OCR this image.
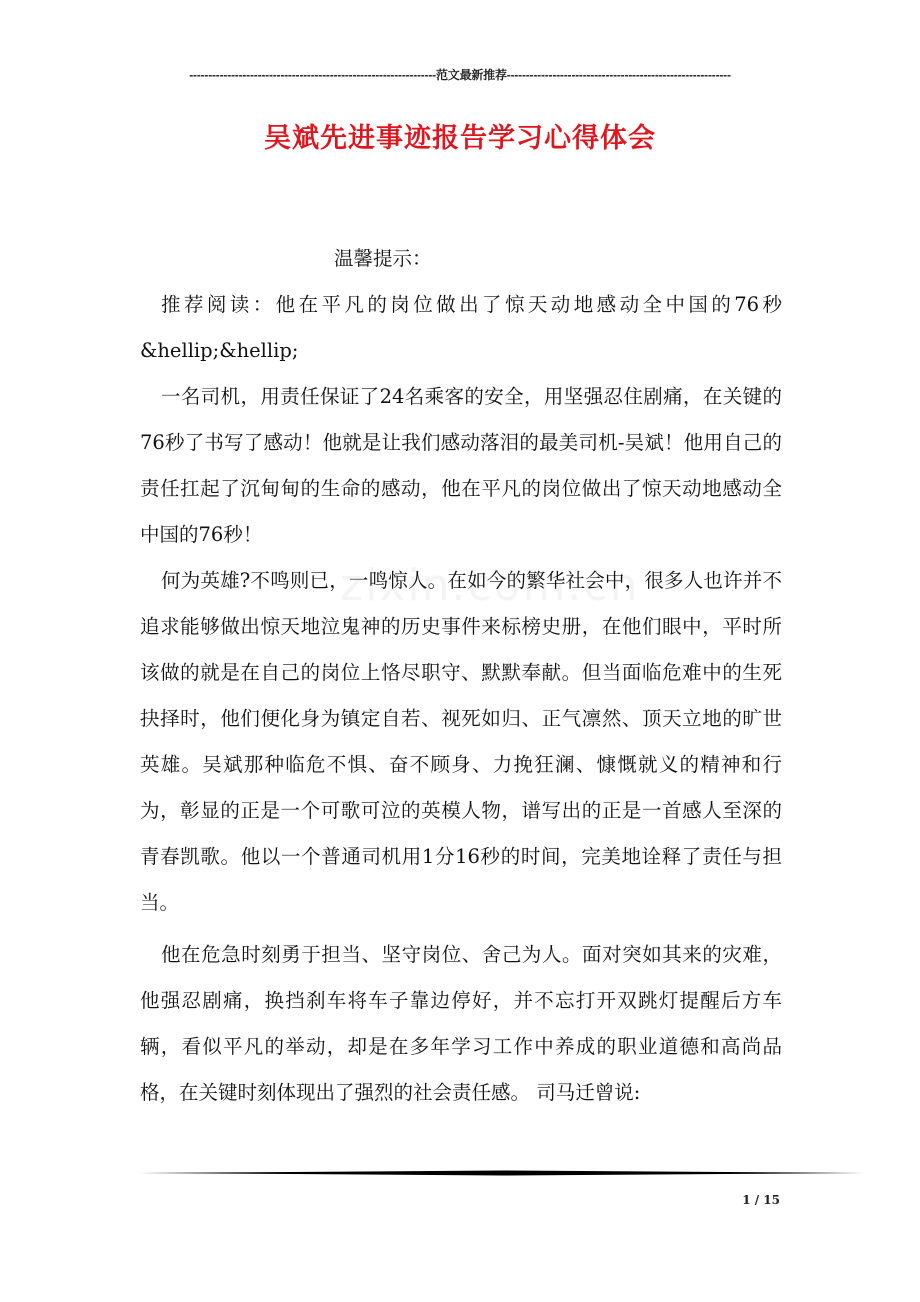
-----------------------------------------------------------------范文最新推荐-----------------------------------------------------------
吴斌先进事迹报告学习心得体会

温馨提示：

推荐阅读：他在平凡的岗位做出了惊天动地感动全中国的76秒&hellip;&hellip;

一名司机，用责任保证了24名乘客的安全，用坚强忍住剧痛，在关键的76秒了书写了感动！他就是让我们感动落泪的最美司机-吴斌！他用自己的责任扛起了沉甸甸的生命的感动，他在平凡的岗位做出了惊天动地感动全中国的76秒！

何为英雄?不鸣则已，一鸣惊人。在如今的繁华社会中，很多人也许并不追求能够做出惊天地泣鬼神的历史事件来标榜史册，在他们眼中，平时所该做的就是在自己的岗位上恪尽职守、默默奉献。但当面临危难中的生死抉择时，他们便化身为镇定自若、视死如归、正气凛然、顶天立地的旷世英雄。吴斌那种临危不惧、奋不顾身、力挽狂澜、慷慨就义的精神和行为，彰显的正是一个可歌可泣的英模人物，谱写出的正是一首感人至深的青春凯歌。他以一个普通司机用1分16秒的时间，完美地诠释了责任与担当。

他在危急时刻勇于担当、坚守岗位、舍己为人。面对突如其来的灾难，他强忍剧痛，换挡刹车将车子靠边停好，并不忘打开双跳灯提醒后方车辆，看似平凡的举动，却是在多年学习工作中养成的职业道德和高尚品格，在关键时刻体现出了强烈的社会责任感。 司马迁曾说:

1 / 15
